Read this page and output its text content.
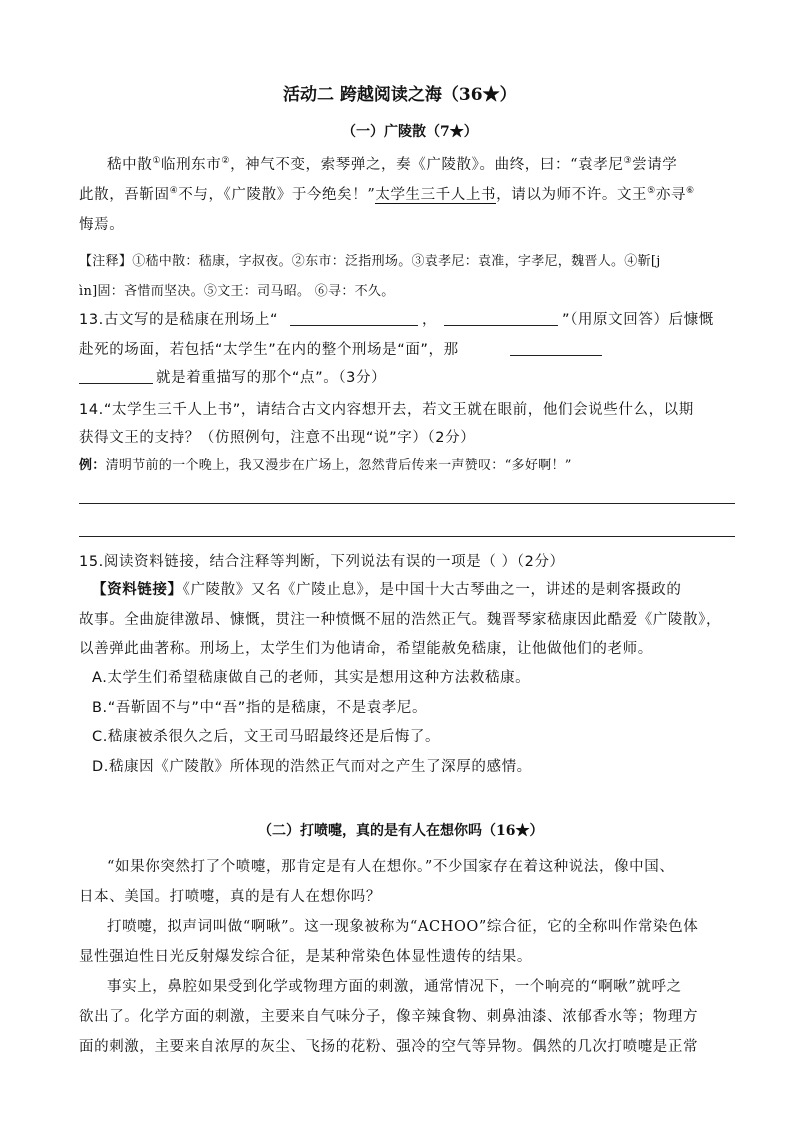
活动二 跨越阅读之海（36★）
（一）广陵散（7★）
嵇中散①临刑东市②，神气不变，索琴弹之，奏《广陵散》。曲终，曰：“袁孝尼③尝请学
此散，吾靳固④不与，《广陵散》于今绝矣！”太学生三千人上书，请以为师不许。文王⑤亦寻⑥
悔焉。
【注释】①嵇中散：嵇康，字叔夜。②东市：泛指刑场。③袁孝尼：袁准，字孝尼，魏晋人。④靳[j
ìn]固：吝惜而坚决。⑤文王：司马昭。 ⑥寻：不久。
13.古文写的是嵇康在刑场上“	，	”（用原文回答）后慷慨
赴死的场面，若包括“太学生”在内的整个刑场是“面”，那
就是着重描写的那个“点”。（3分）
14.“太学生三千人上书”，请结合古文内容想开去，若文王就在眼前，他们会说些什么，以期
获得文王的支持？（仿照例句，注意不出现“说”字）（2分）
例：清明节前的一个晚上，我又漫步在广场上，忽然背后传来一声赞叹：“多好啊！”
15.阅读资料链接，结合注释等判断，下列说法有误的一项是（ ）（2分）
【资料链接】《广陵散》又名《广陵止息》，是中国十大古琴曲之一，讲述的是刺客摄政的
故事。全曲旋律激昂、慷慨，贯注一种愤慨不屈的浩然正气。魏晋琴家嵇康因此酷爱《广陵散》，
以善弹此曲著称。刑场上，太学生们为他请命，希望能赦免嵇康，让他做他们的老师。
A.太学生们希望嵇康做自己的老师，其实是想用这种方法救嵇康。
B.“吾靳固不与”中“吾”指的是嵇康，不是袁孝尼。
C.嵇康被杀很久之后，文王司马昭最终还是后悔了。
D.嵇康因《广陵散》所体现的浩然正气而对之产生了深厚的感情。
（二）打喷嚏，真的是有人在想你吗（16★）
“如果你突然打了个喷嚏，那肯定是有人在想你。”不少国家存在着这种说法，像中国、
日本、美国。打喷嚏，真的是有人在想你吗？
打喷嚏，拟声词叫做“啊啾”。这一现象被称为“ACHOO”综合征，它的全称叫作常染色体
显性强迫性日光反射爆发综合征，是某种常染色体显性遗传的结果。
事实上，鼻腔如果受到化学或物理方面的刺激，通常情况下，一个响亮的“啊啾”就呼之
欲出了。化学方面的刺激，主要来自气味分子，像辛辣食物、刺鼻油漆、浓郁香水等；物理方
面的刺激，主要来自浓厚的灰尘、飞扬的花粉、强冷的空气等异物。偶然的几次打喷嚏是正常
